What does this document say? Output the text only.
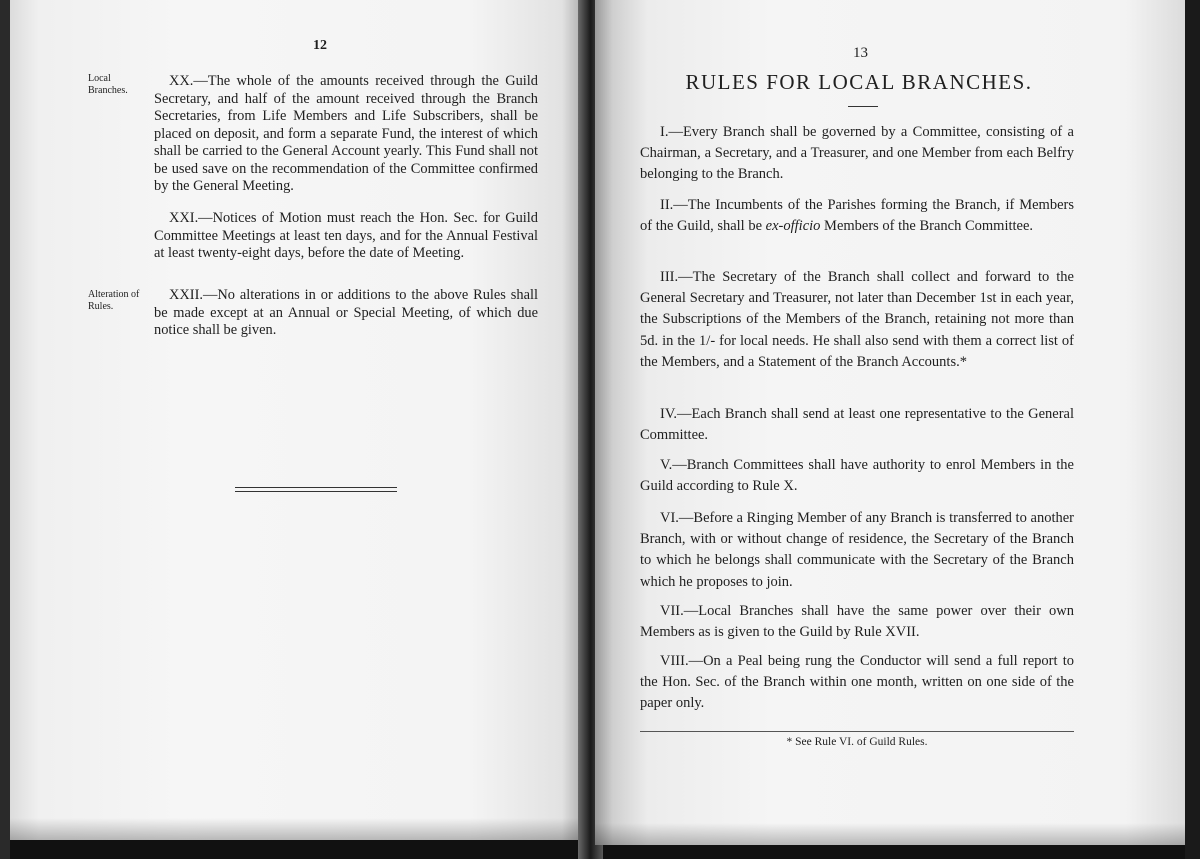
12
Local Branches.
XX.—The whole of the amounts received through the Guild Secretary, and half of the amount received through the Branch Secretaries, from Life Members and Life Subscribers, shall be placed on deposit, and form a separate Fund, the interest of which shall be carried to the General Account yearly. This Fund shall not be used save on the recommendation of the Committee confirmed by the General Meeting.
XXI.—Notices of Motion must reach the Hon. Sec. for Guild Committee Meetings at least ten days, and for the Annual Festival at least twenty-eight days, before the date of Meeting.
Alteration of Rules.
XXII.—No alterations in or additions to the above Rules shall be made except at an Annual or Special Meeting, of which due notice shall be given.
13
RULES FOR LOCAL BRANCHES.
I.—Every Branch shall be governed by a Committee, consisting of a Chairman, a Secretary, and a Treasurer, and one Member from each Belfry belonging to the Branch.
II.—The Incumbents of the Parishes forming the Branch, if Members of the Guild, shall be ex-officio Members of the Branch Committee.
III.—The Secretary of the Branch shall collect and forward to the General Secretary and Treasurer, not later than December 1st in each year, the Subscriptions of the Members of the Branch, retaining not more than 5d. in the 1/- for local needs. He shall also send with them a correct list of the Members, and a Statement of the Branch Accounts.*
IV.—Each Branch shall send at least one representative to the General Committee.
V.—Branch Committees shall have authority to enrol Members in the Guild according to Rule X.
VI.—Before a Ringing Member of any Branch is transferred to another Branch, with or without change of residence, the Secretary of the Branch to which he belongs shall communicate with the Secretary of the Branch which he proposes to join.
VII.—Local Branches shall have the same power over their own Members as is given to the Guild by Rule XVII.
VIII.—On a Peal being rung the Conductor will send a full report to the Hon. Sec. of the Branch within one month, written on one side of the paper only.
* See Rule VI. of Guild Rules.
